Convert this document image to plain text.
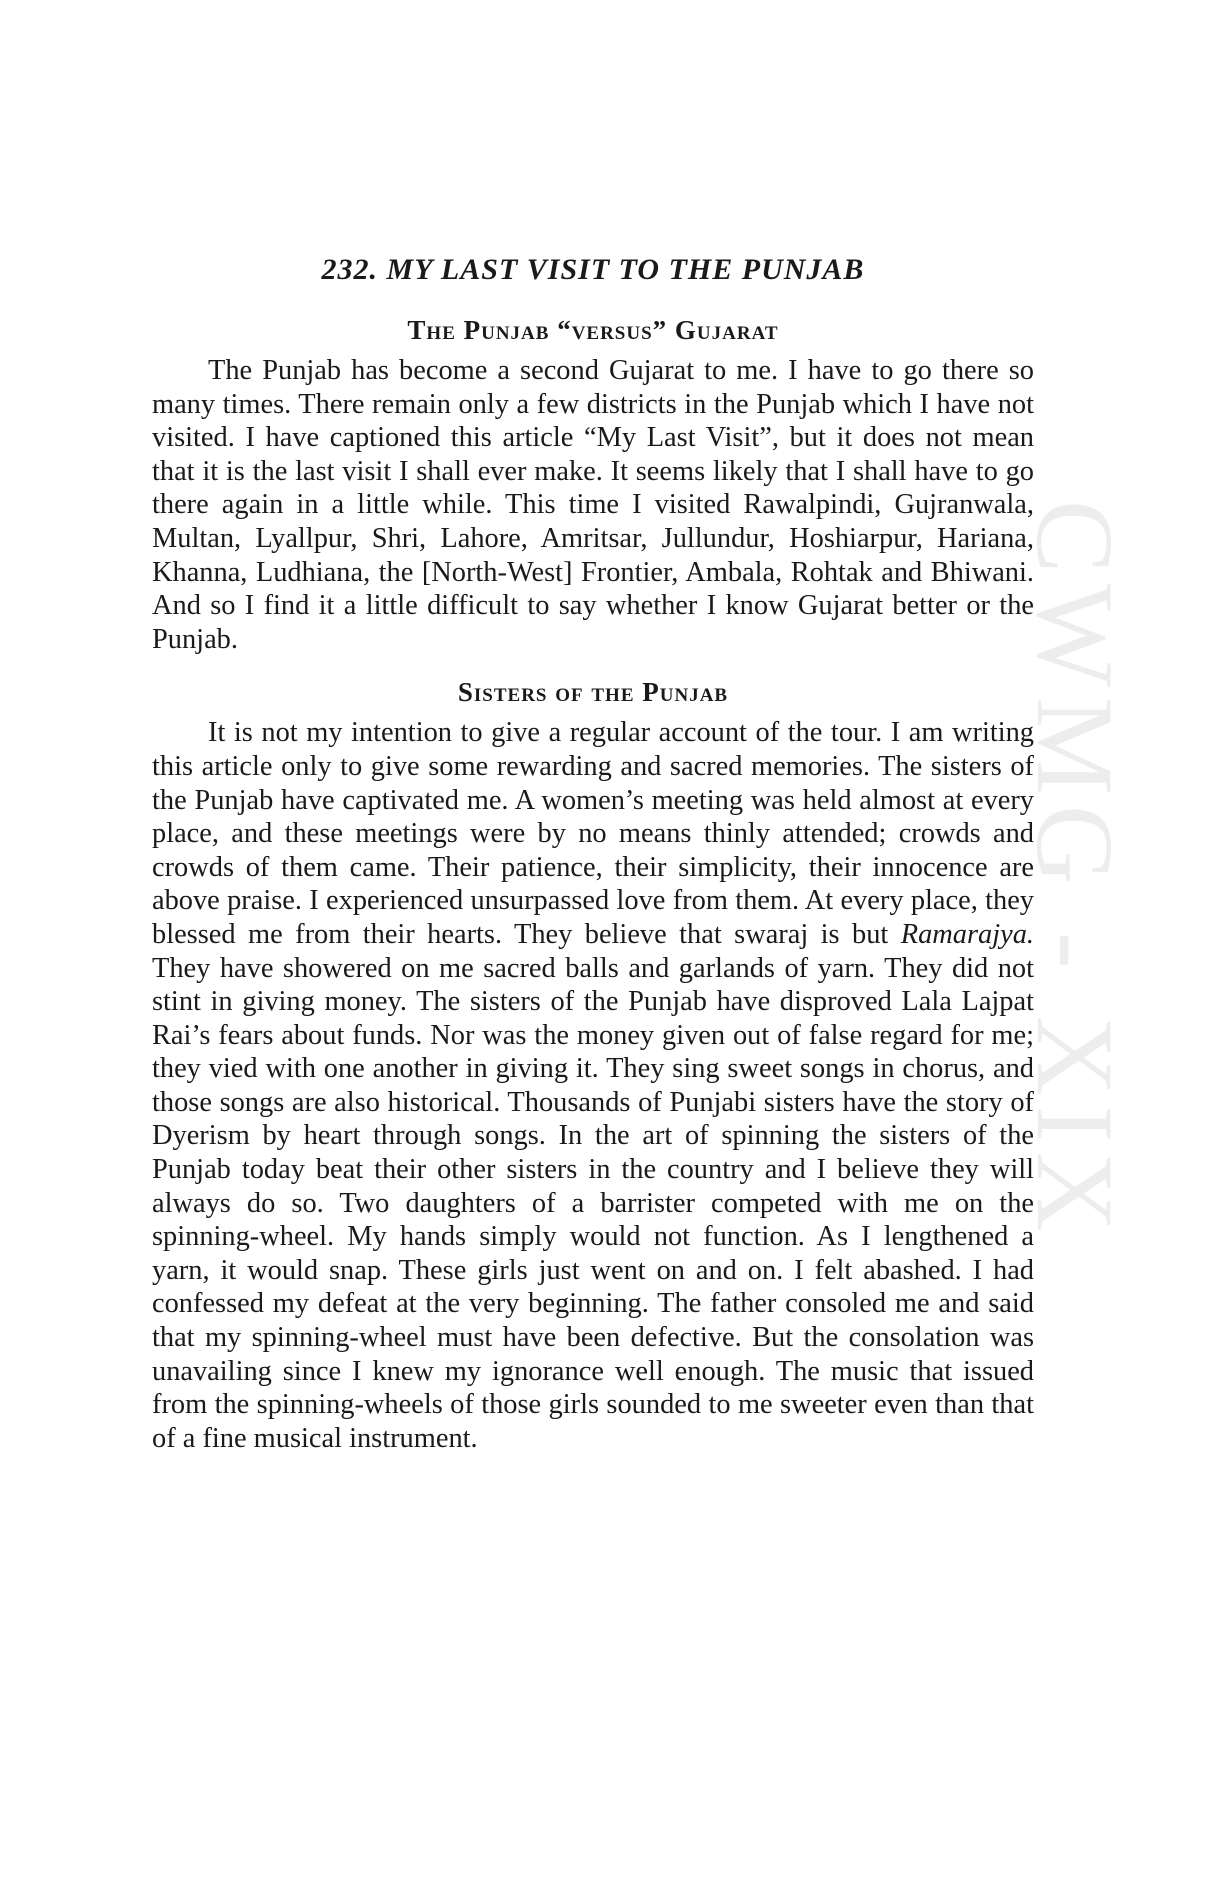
CWMG - XIX
232. MY LAST VISIT TO THE PUNJAB
The Punjab “versus” Gujarat

The Punjab has become a second Gujarat to me. I have to go there so many times. There remain only a few districts in the Punjab which I have not visited. I have captioned this article “My Last Visit”, but it does not mean that it is the last visit I shall ever make. It seems likely that I shall have to go there again in a little while. This time I visited Rawalpindi, Gujranwala, Multan, Lyallpur, Shri, Lahore, Amritsar, Jullundur, Hoshiarpur, Hariana, Khanna, Ludhiana, the [North-West] Frontier, Ambala, Rohtak and Bhiwani. And so I find it a little difficult to say whether I know Gujarat better or the Punjab.

Sisters of the Punjab

It is not my intention to give a regular account of the tour. I am writing this article only to give some rewarding and sacred memories. The sisters of the Punjab have captivated me. A women’s meeting was held almost at every place, and these meetings were by no means thinly attended; crowds and crowds of them came. Their patience, their simplicity, their innocence are above praise. I experienced unsurpassed love from them. At every place, they blessed me from their hearts. They believe that swaraj is but Ramarajya. They have showered on me sacred balls and garlands of yarn. They did not stint in giving money. The sisters of the Punjab have disproved Lala Lajpat Rai’s fears about funds. Nor was the money given out of false regard for me; they vied with one another in giving it. They sing sweet songs in chorus, and those songs are also historical. Thousands of Punjabi sisters have the story of Dyerism by heart through songs. In the art of spinning the sisters of the Punjab today beat their other sisters in the country and I believe they will always do so. Two daughters of a barrister competed with me on the spinning-wheel. My hands simply would not function. As I lengthened a yarn, it would snap. These girls just went on and on. I felt abashed. I had confessed my defeat at the very beginning. The father consoled me and said that my spinning-wheel must have been defective. But the consolation was unavailing since I knew my ignorance well enough. The music that issued from the spinning-wheels of those girls sounded to me sweeter even than that of a fine musical instrument.
